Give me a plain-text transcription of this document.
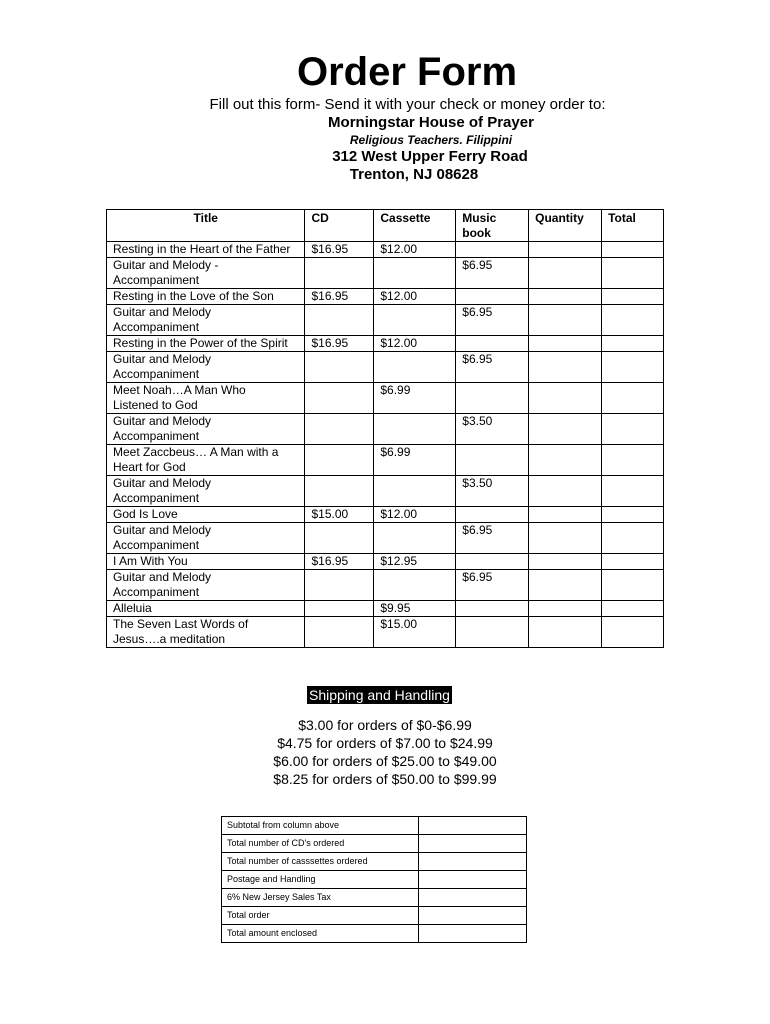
Order Form
Fill out this form- Send it with your check or money order to:
Morningstar House of Prayer
Religious Teachers. Filippini
312 West Upper Ferry Road
Trenton, NJ 08628
Title	CD	Cassette	Music book	Quantity	Total
Resting in the Heart of the Father	$16.95	$12.00			
Guitar and Melody -
Accompaniment			$6.95		
Resting in the Love of the Son	$16.95	$12.00			
Guitar and Melody
Accompaniment			$6.95		
Resting in the Power of the Spirit	$16.95	$12.00			
Guitar and Melody
Accompaniment			$6.95		
Meet Noah…A Man Who
Listened to God		$6.99			
Guitar and Melody
Accompaniment			$3.50		
Meet Zaccbeus… A Man with a
Heart for God		$6.99			
Guitar and Melody
Accompaniment			$3.50		
God Is Love	$15.00	$12.00			
Guitar and Melody
Accompaniment			$6.95		
I Am With You	$16.95	$12.95			
Guitar and Melody
Accompaniment			$6.95		
Alleluia		$9.95			
The Seven Last Words of
Jesus….a meditation		$15.00			
Shipping and Handling
$3.00 for orders of $0-$6.99
$4.75 for orders of $7.00 to $24.99
$6.00 for orders of $25.00 to $49.00
$8.25 for orders of $50.00 to $99.99
Subtotal from column above	
Total number of CD's ordered	
Total number of casssettes ordered	
Postage and Handling	
6% New Jersey Sales Tax	
Total order	
Total amount enclosed	
